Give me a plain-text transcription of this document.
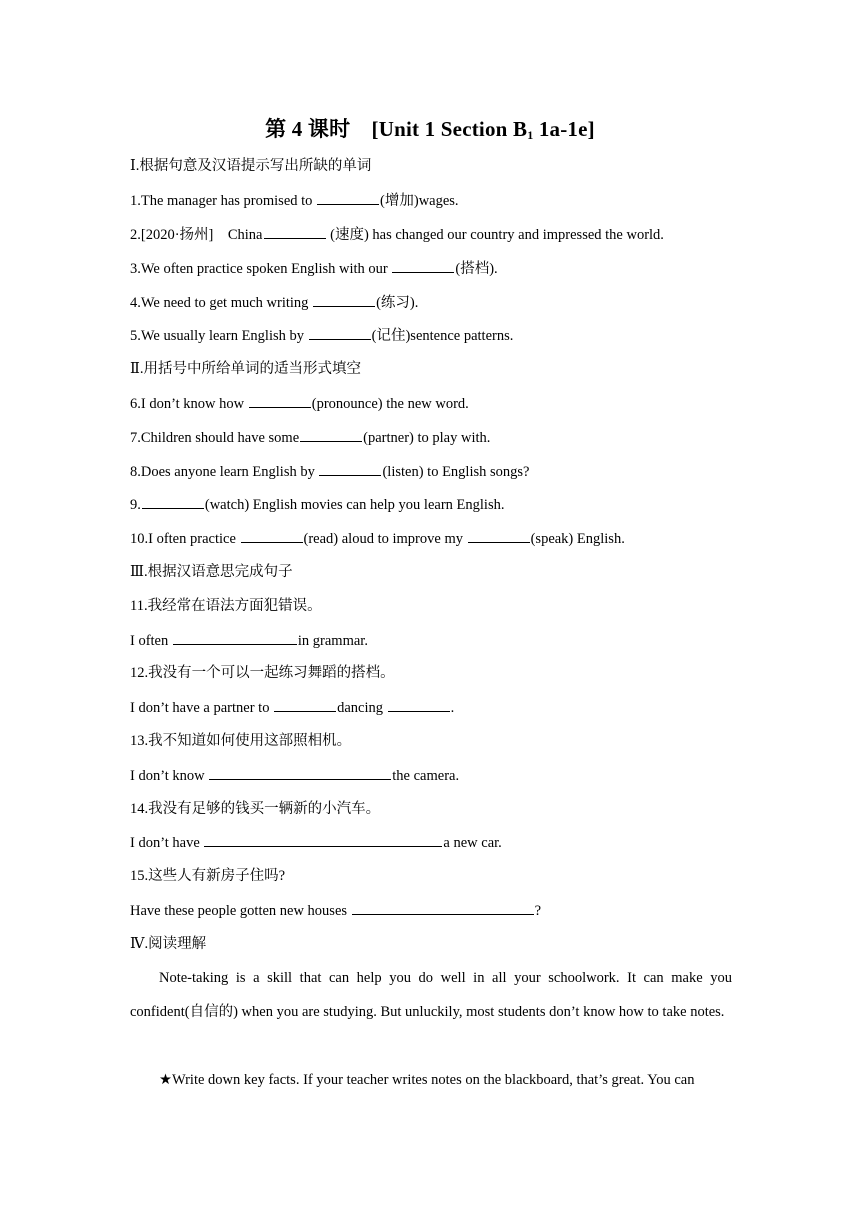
第 4 课时　[Unit 1 Section $B_1$ 1a-1e]
Ⅰ.根据句意及汉语提示写出所缺的单词
1.The manager has promised to	(增加)wages.
2.[2020·扬州]　China	(速度) has changed our country and impressed the world.
3.We often practice spoken English with our	(搭档).
4.We need to get much writing	(练习).
5.We usually learn English by	(记住)sentence patterns.
Ⅱ.用括号中所给单词的适当形式填空
6.I don’t know how	(pronounce) the new word.
7.Children should have some	(partner) to play with.
8.Does anyone learn English by	(listen) to English songs?
9.	(watch) English movies can help you learn English.
10.I often practice	(read) aloud to improve my	(speak) English.
Ⅲ.根据汉语意思完成句子
11.我经常在语法方面犯错误。
I often	in grammar.
12.我没有一个可以一起练习舞蹈的搭档。
I don’t have a partner to	dancing	.
13.我不知道如何使用这部照相机。
I don’t know	the camera.
14.我没有足够的钱买一辆新的小汽车。
I don’t have	a new car.
15.这些人有新房子住吗?
Have these people gotten new houses	?
Ⅳ.阅读理解
Note-taking is a skill that can help you do well in all your schoolwork. It can make you confident(自信的) when you are studying. But unluckily, most students don’t know how to take notes.
★Write down key facts. If your teacher writes notes on the blackboard, that’s great. You can
